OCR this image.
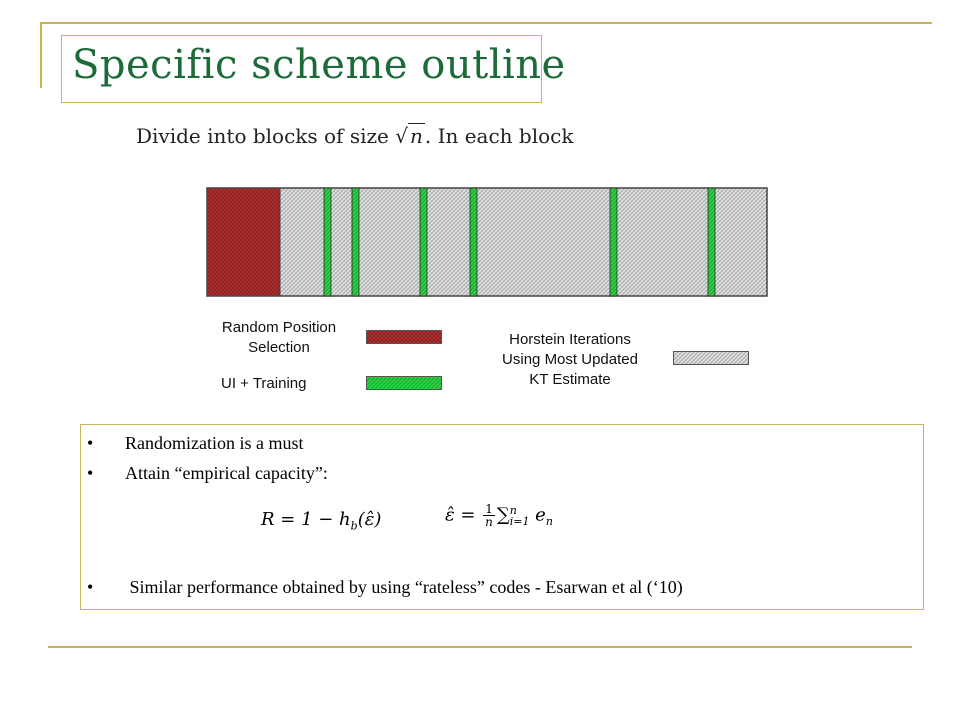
Specific scheme outline
Divide into blocks of size √ n . In each block
Random Position
Selection
UI + Training
Horstein Iterations
Using Most Updated
KT Estimate
• Randomization is a must
• Attain “empirical capacity”:
$R = 1 - h_b(\varepsilon̂)$	ε̂ = $\frac{1}{n}$ ∑ n
i=1 $e_n$
• Similar performance obtained by using “rateless” codes - Esarwan et al (‘10)
